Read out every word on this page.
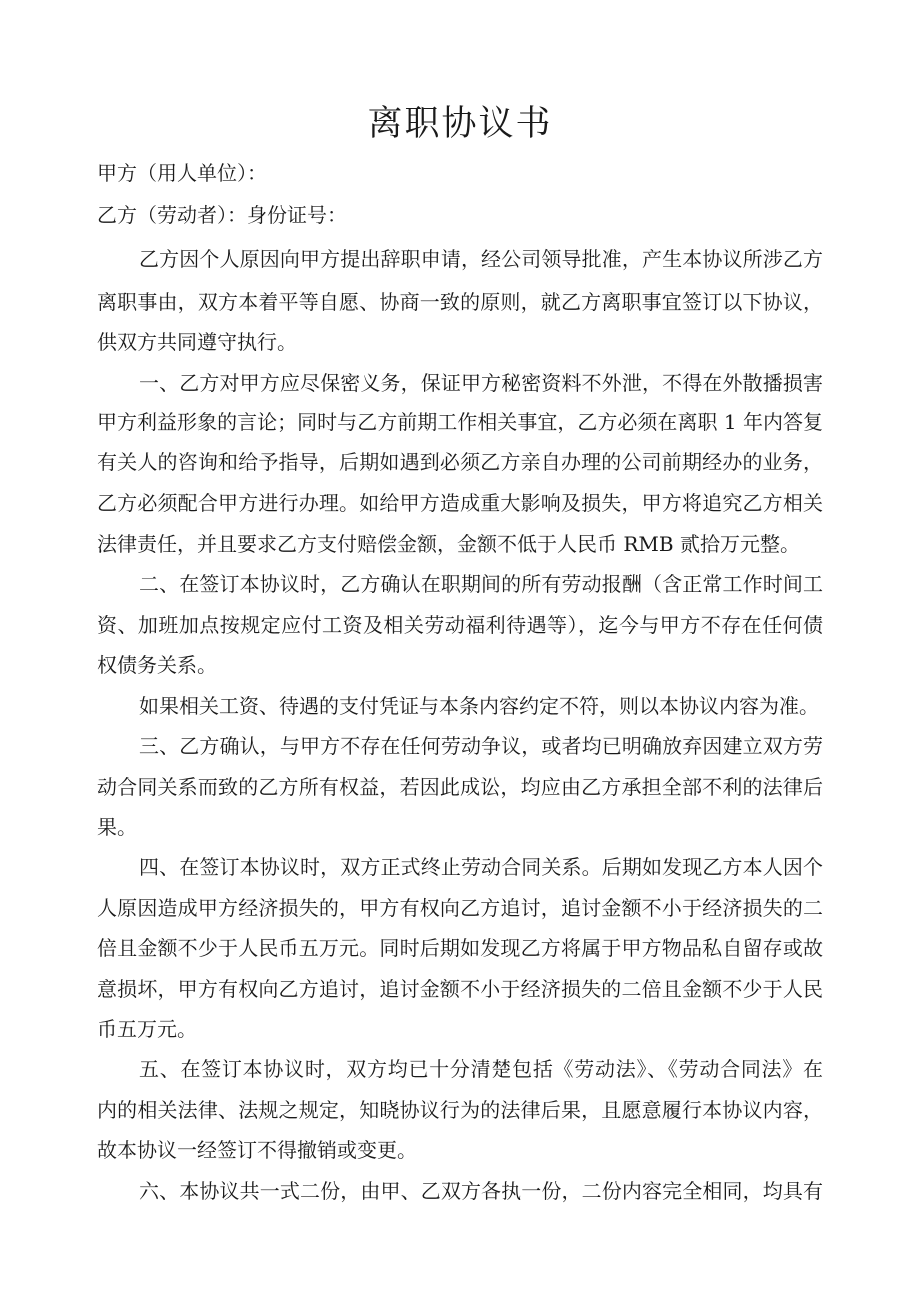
离职协议书
甲方（用人单位）：
乙方（劳动者）：身份证号：
乙方因个人原因向甲方提出辞职申请，经公司领导批准，产生本协议所涉乙方
离职事由，双方本着平等自愿、协商一致的原则，就乙方离职事宜签订以下协议，
供双方共同遵守执行。
一、乙方对甲方应尽保密义务，保证甲方秘密资料不外泄，不得在外散播损害
甲方利益形象的言论；同时与乙方前期工作相关事宜，乙方必须在离职 1 年内答复
有关人的咨询和给予指导，后期如遇到必须乙方亲自办理的公司前期经办的业务，
乙方必须配合甲方进行办理。如给甲方造成重大影响及损失，甲方将追究乙方相关
法律责任，并且要求乙方支付赔偿金额，金额不低于人民币 RMB 贰拾万元整。
二、在签订本协议时，乙方确认在职期间的所有劳动报酬（含正常工作时间工
资、加班加点按规定应付工资及相关劳动福利待遇等），迄今与甲方不存在任何债
权债务关系。
如果相关工资、待遇的支付凭证与本条内容约定不符，则以本协议内容为准。
三、乙方确认，与甲方不存在任何劳动争议，或者均已明确放弃因建立双方劳
动合同关系而致的乙方所有权益，若因此成讼，均应由乙方承担全部不利的法律后
果。
四、在签订本协议时，双方正式终止劳动合同关系。后期如发现乙方本人因个
人原因造成甲方经济损失的，甲方有权向乙方追讨，追讨金额不小于经济损失的二
倍且金额不少于人民币五万元。同时后期如发现乙方将属于甲方物品私自留存或故
意损坏，甲方有权向乙方追讨，追讨金额不小于经济损失的二倍且金额不少于人民
币五万元。
五、在签订本协议时，双方均已十分清楚包括《劳动法》、《劳动合同法》在
内的相关法律、法规之规定，知晓协议行为的法律后果，且愿意履行本协议内容，
故本协议一经签订不得撤销或变更。
六、本协议共一式二份，由甲、乙双方各执一份，二份内容完全相同，均具有
